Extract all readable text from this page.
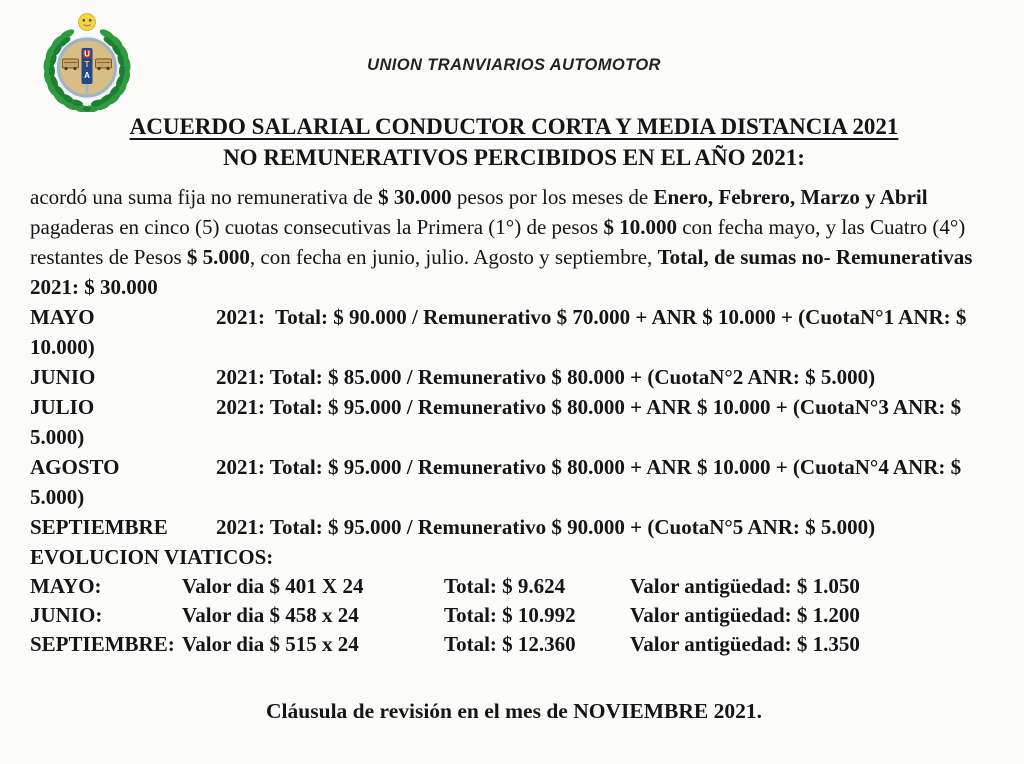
U
T
A
UNION TRANVIARIOS AUTOMOTOR
ACUERDO SALARIAL CONDUCTOR CORTA Y MEDIA DISTANCIA 2021
NO REMUNERATIVOS PERCIBIDOS EN EL AÑO 2021:

acordó una suma fija no remunerativa de $ 30.000 pesos por los meses de Enero, Febrero, Marzo y Abril pagaderas en cinco (5) cuotas consecutivas la Primera (1°) de pesos $ 10.000 con fecha mayo, y las Cuatro (4°) restantes de Pesos $ 5.000, con fecha en junio, julio. Agosto y septiembre, Total, de sumas no- Remunerativas 2021: $ 30.000

MAYO	2021:  Total: $ 90.000 / Remunerativo $ 70.000 + ANR $ 10.000 + (CuotaN°1 ANR: $ 10.000)

JUNIO	2021: Total: $ 85.000 / Remunerativo $ 80.000 + (CuotaN°2 ANR: $ 5.000)

JULIO	2021: Total: $ 95.000 / Remunerativo $ 80.000 + ANR $ 10.000 + (CuotaN°3 ANR: $ 5.000)

AGOSTO	2021: Total: $ 95.000 / Remunerativo $ 80.000 + ANR $ 10.000 + (CuotaN°4 ANR: $ 5.000)

SEPTIEMBRE 2021: Total: $ 95.000 / Remunerativo $ 90.000 + (CuotaN°5 ANR: $ 5.000)

EVOLUCION VIATICOS:

MAYO:	Valor dia $ 401 X 24	Total: $ 9.624	Valor antigüedad: $ 1.050
JUNIO:	Valor dia $ 458 x 24	Total: $ 10.992	Valor antigüedad: $ 1.200
SEPTIEMBRE: Valor dia $ 515 x 24	Total: $ 12.360	Valor antigüedad: $ 1.350

Cláusula de revisión en el mes de NOVIEMBRE 2021.
